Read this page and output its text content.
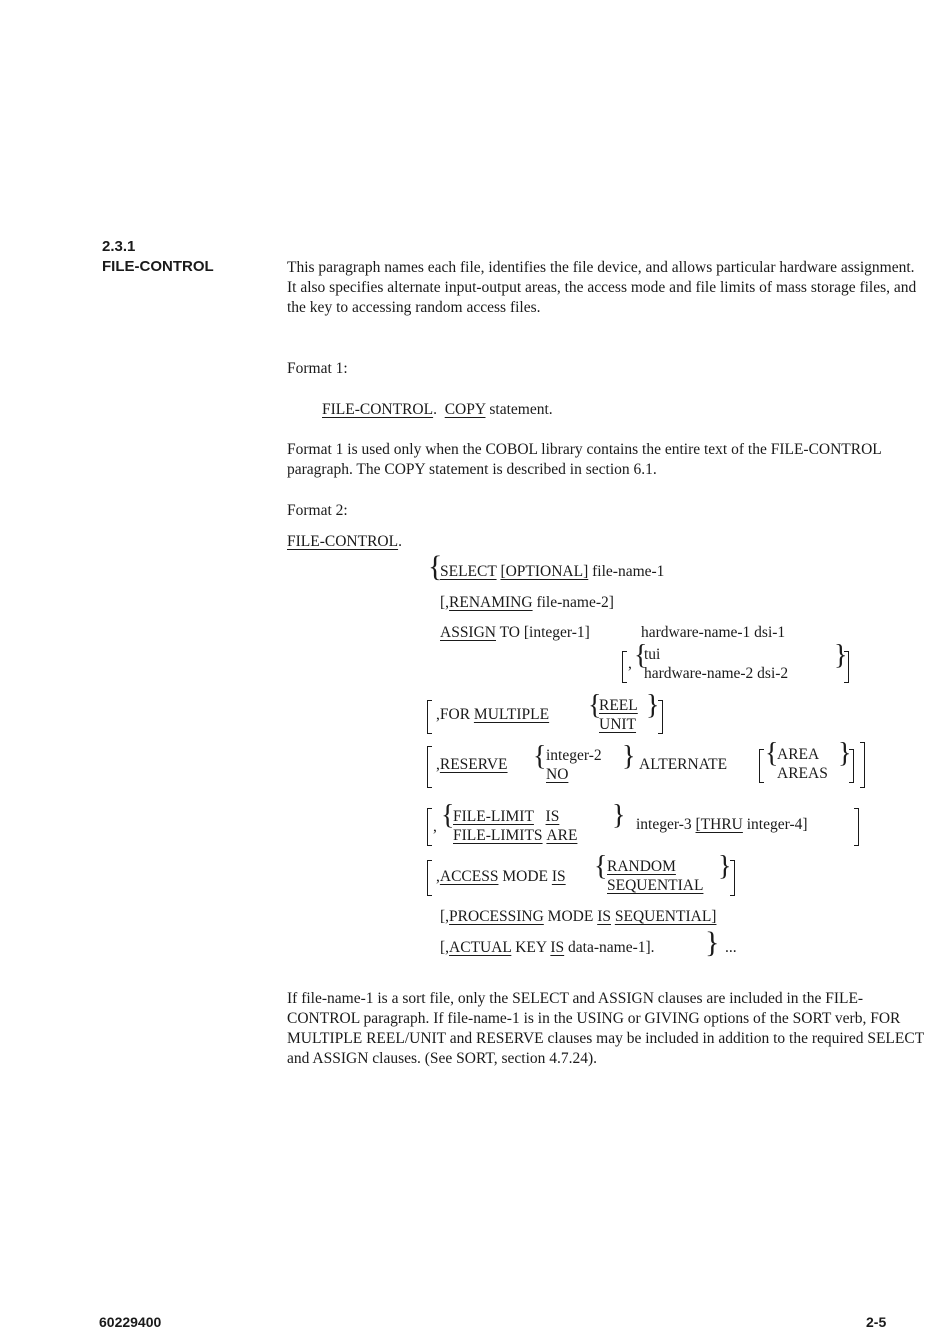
2.3.1
FILE-CONTROL	This paragraph names each file, identifies the file device, and allows particular hardware assignment. It also specifies alternate input-output areas, the access mode and file limits of mass storage files, and the key to accessing random access files.
Format 1:
FILE-CONTROL. COPY statement.
Format 1 is used only when the COBOL library contains the entire text of the FILE-CONTROL paragraph. The COPY statement is described in section 6.1.
Format 2:
FILE-CONTROL.
{
SELECT [OPTIONAL] file-name-1
[,RENAMING file-name-2]
ASSIGN TO [integer-1]	hardware-name-1 dsi-1
, {
tui
hardware-name-2 dsi-2
}
,FOR MULTIPLE {
REEL
UNIT
}
,RESERVE { integer-2
NO
} ALTERNATE {
AREA
AREAS
}
, {
FILE-LIMIT IS
FILE-LIMITS ARE
} integer-3 [THRU integer-4]
,ACCESS MODE IS { RANDOM
SEQUENTIAL
}
[,PROCESSING MODE IS SEQUENTIAL]
[,ACTUAL KEY IS data-name-1]. } ...
If file-name-1 is a sort file, only the SELECT and ASSIGN clauses are included in the FILE-CONTROL paragraph. If file-name-1 is in the USING or GIVING options of the SORT verb, FOR MULTIPLE REEL/UNIT and RESERVE clauses may be included in addition to the required SELECT and ASSIGN clauses. (See SORT, section 4.7.24).
60229400	2-5
